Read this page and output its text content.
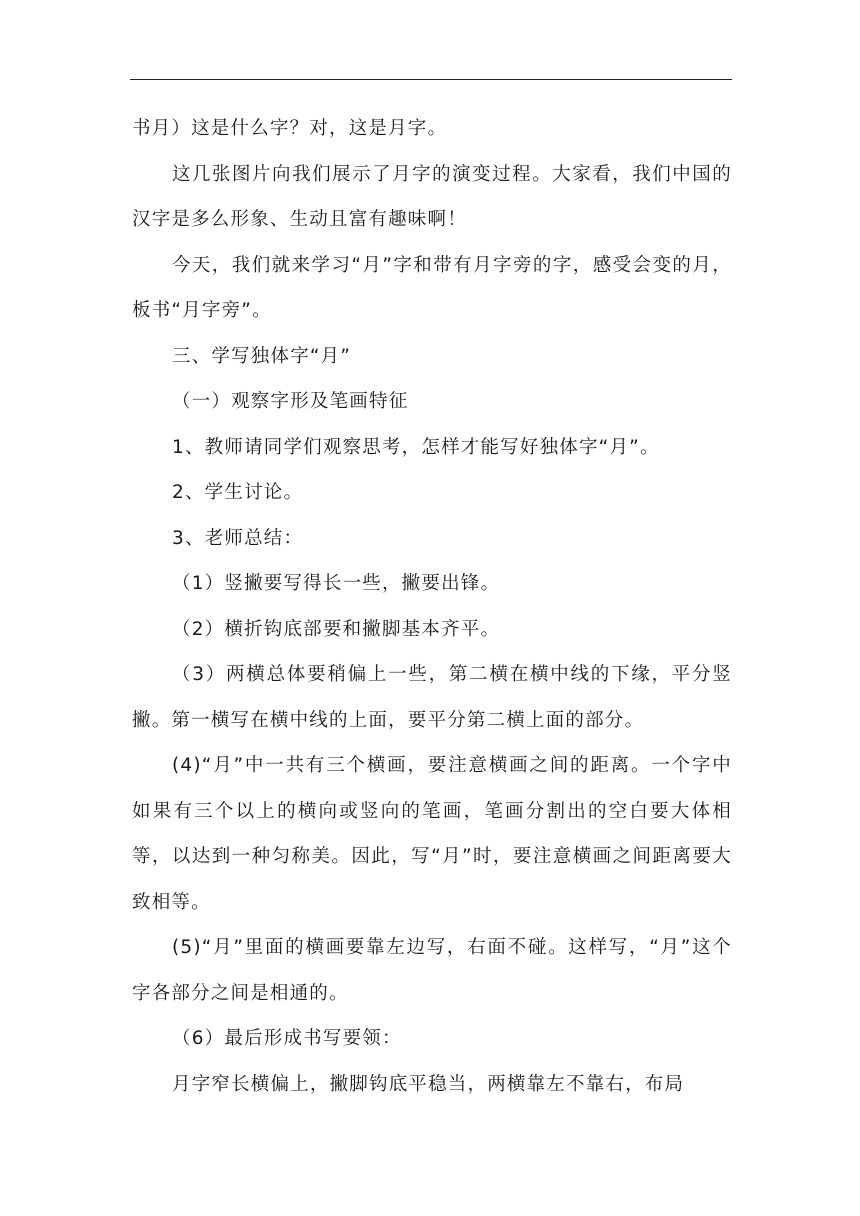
书月）这是什么字？对，这是月字。

这几张图片向我们展示了月字的演变过程。大家看，我们中国的汉字是多么形象、生动且富有趣味啊！

今天，我们就来学习“月”字和带有月字旁的字，感受会变的月，板书“月字旁”。

三、学写独体字“月”

（一）观察字形及笔画特征

1、教师请同学们观察思考，怎样才能写好独体字“月”。

2、学生讨论。

3、老师总结：

（1）竖撇要写得长一些，撇要出锋。

（2）横折钩底部要和撇脚基本齐平。

（3）两横总体要稍偏上一些，第二横在横中线的下缘，平分竖撇。第一横写在横中线的上面，要平分第二横上面的部分。

(4)“月”中一共有三个横画，要注意横画之间的距离。一个字中如果有三个以上的横向或竖向的笔画，笔画分割出的空白要大体相等，以达到一种匀称美。因此，写“月”时，要注意横画之间距离要大致相等。

(5)“月”里面的横画要靠左边写，右面不碰。这样写，“月”这个字各部分之间是相通的。

（6）最后形成书写要领：

月字窄长横偏上，撇脚钩底平稳当，两横靠左不靠右，布局
